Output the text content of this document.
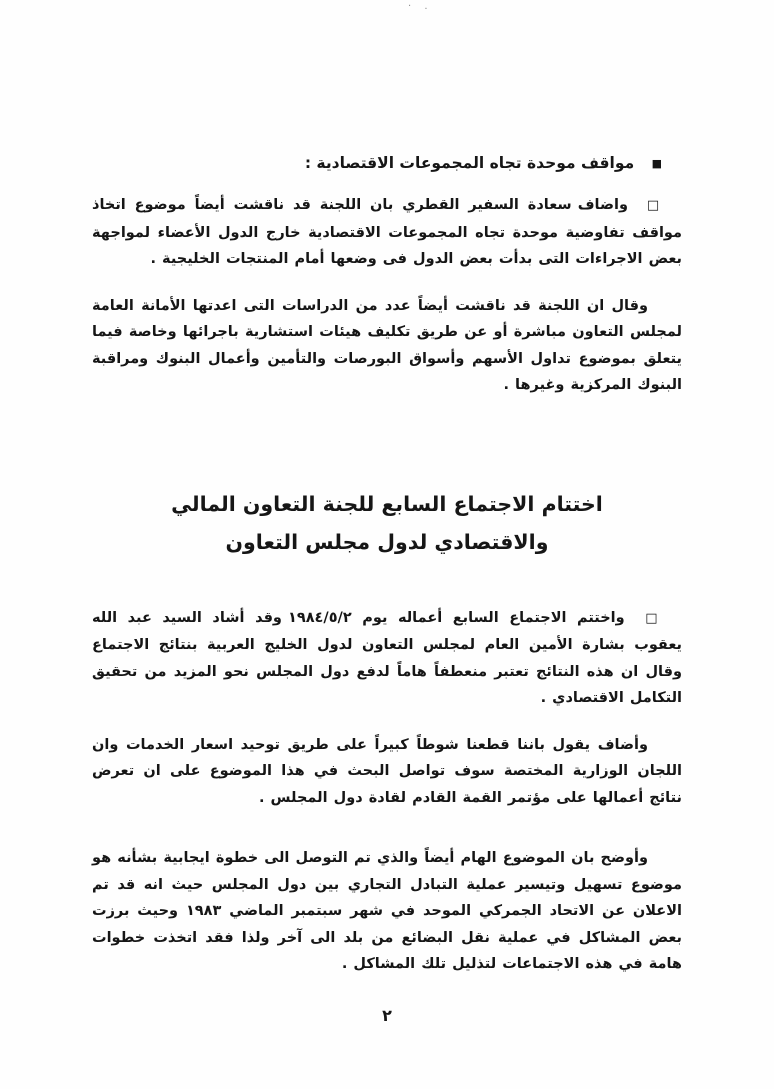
· .
■ مواقف موحدة تجاه المجموعات الاقتصادية :

□ واضاف سعادة السفير القطري بان اللجنة قد ناقشت أيضاً موضوع اتخاذ مواقف تفاوضية موحدة تجاه المجموعات الاقتصادية خارج الدول الأعضاء لمواجهة بعض الاجراءات التى بدأت بعض الدول فى وضعها أمام المنتجات الخليجية .

وقال ان اللجنة قد ناقشت أيضاً عدد من الدراسات التى اعدتها الأمانة العامة لمجلس التعاون مباشرة أو عن طريق تكليف هيئات استشارية باجرائها وخاصة فيما يتعلق بموضوع تداول الأسهم وأسواق البورصات والتأمين وأعمال البنوك ومراقبة البنوك المركزية وغيرها .

اختتام الاجتماع السابع للجنة التعاون المالي
والاقتصادي لدول مجلس التعاون

□ واختتم الاجتماع السابع أعماله يوم ١٩٨٤/٥/٢ وقد أشاد السيد عبد الله يعقوب بشارة الأمين العام لمجلس التعاون لدول الخليج العربية بنتائج الاجتماع وقال ان هذه النتائج تعتبر منعطفاً هاماً لدفع دول المجلس نحو المزيد من تحقيق التكامل الاقتصادي .

وأضاف يقول باننا قطعنا شوطاً كبيراً على طريق توحيد اسعار الخدمات وان اللجان الوزارية المختصة سوف تواصل البحث في هذا الموضوع على ان تعرض نتائج أعمالها على مؤتمر القمة القادم لقادة دول المجلس .

وأوضح بان الموضوع الهام أيضاً والذي تم التوصل الى خطوة ايجابية بشأنه هو موضوع تسهيل وتيسير عملية التبادل التجاري بين دول المجلس حيث انه قد تم الاعلان عن الاتحاد الجمركي الموحد في شهر سبتمبر الماضي ١٩٨٣ وحيث برزت بعض المشاكل في عملية نقل البضائع من بلد الى آخر ولذا فقد اتخذت خطوات هامة في هذه الاجتماعات لتذليل تلك المشاكل .

٢
